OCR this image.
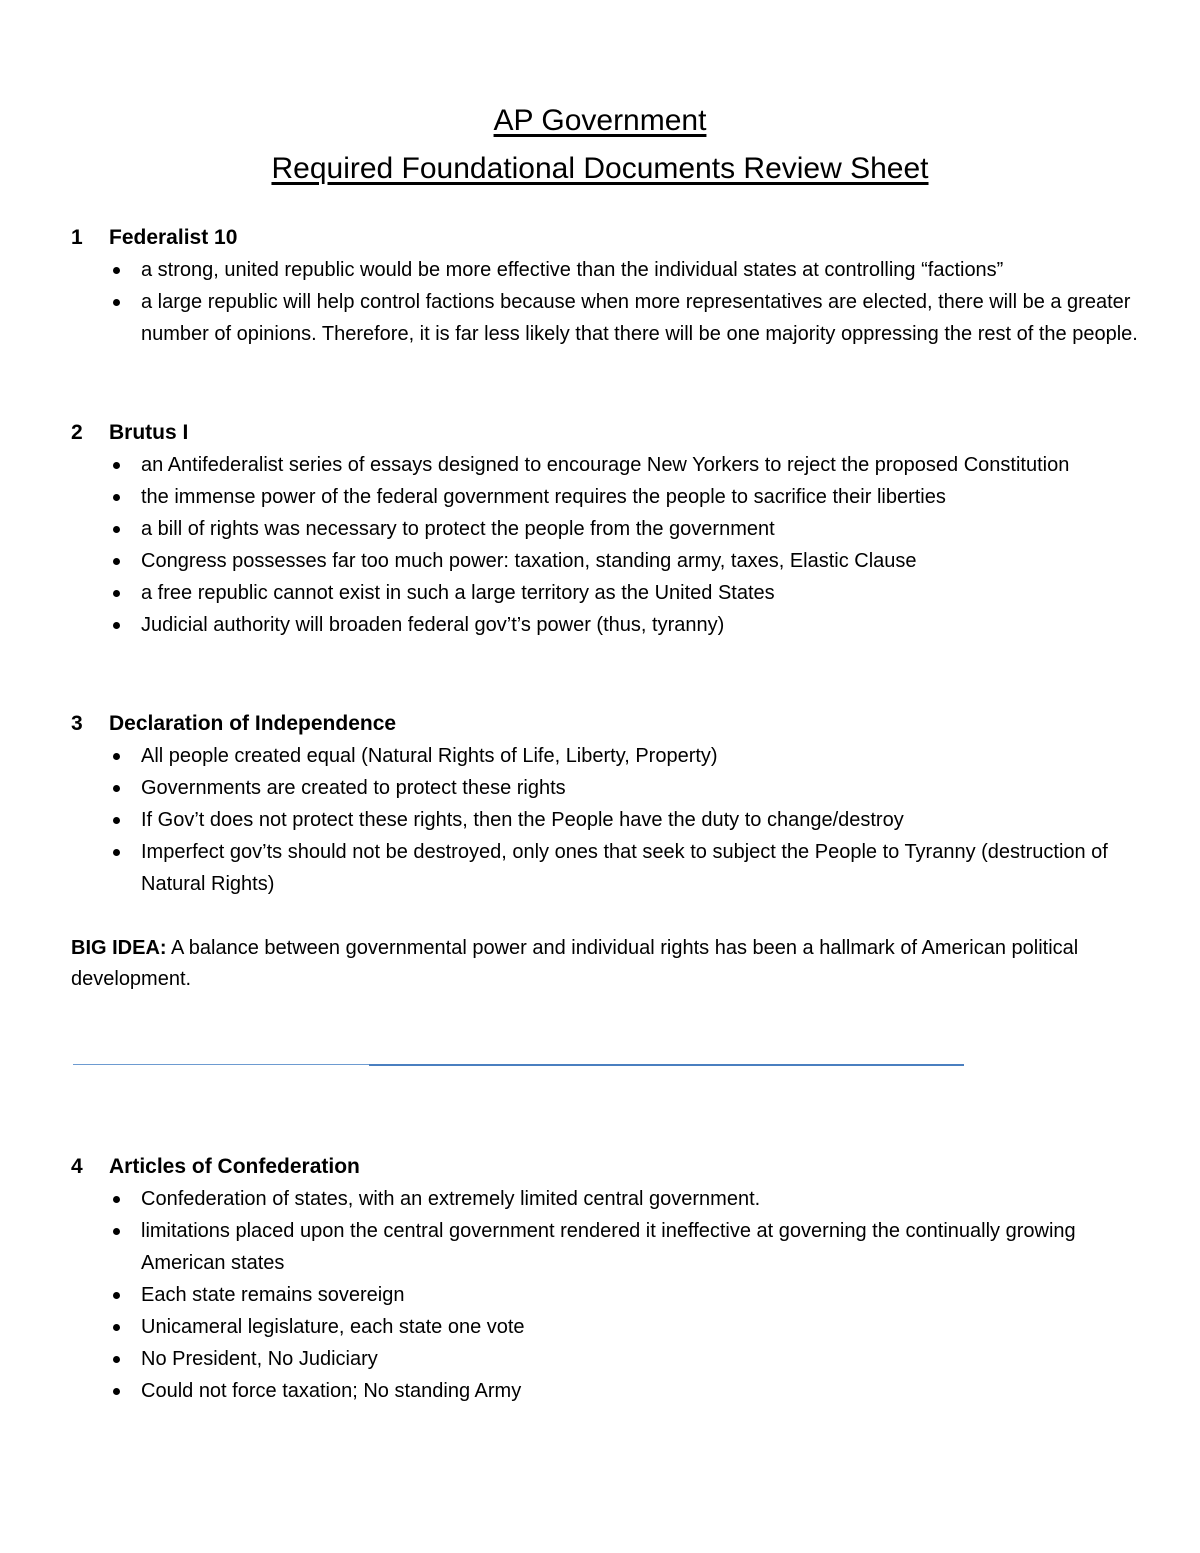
AP Government
Required Foundational Documents Review Sheet
1 Federalist 10
a strong, united republic would be more effective than the individual states at controlling “factions”
a large republic will help control factions because when more representatives are elected, there will be a greater number of opinions. Therefore, it is far less likely that there will be one majority oppressing the rest of the people.
2 Brutus I
an Antifederalist series of essays designed to encourage New Yorkers to reject the proposed Constitution
the immense power of the federal government requires the people to sacrifice their liberties
a bill of rights was necessary to protect the people from the government
Congress possesses far too much power: taxation, standing army, taxes, Elastic Clause
a free republic cannot exist in such a large territory as the United States
Judicial authority will broaden federal gov’t’s power (thus, tyranny)
3 Declaration of Independence
All people created equal (Natural Rights of Life, Liberty, Property)
Governments are created to protect these rights
If Gov’t does not protect these rights, then the People have the duty to change/destroy
Imperfect gov’ts should not be destroyed, only ones that seek to subject the People to Tyranny (destruction of Natural Rights)
BIG IDEA: A balance between governmental power and individual rights has been a hallmark of American political development.
4 Articles of Confederation
Confederation of states, with an extremely limited central government.
limitations placed upon the central government rendered it ineffective at governing the continually growing American states
Each state remains sovereign
Unicameral legislature, each state one vote
No President, No Judiciary
Could not force taxation; No standing Army
